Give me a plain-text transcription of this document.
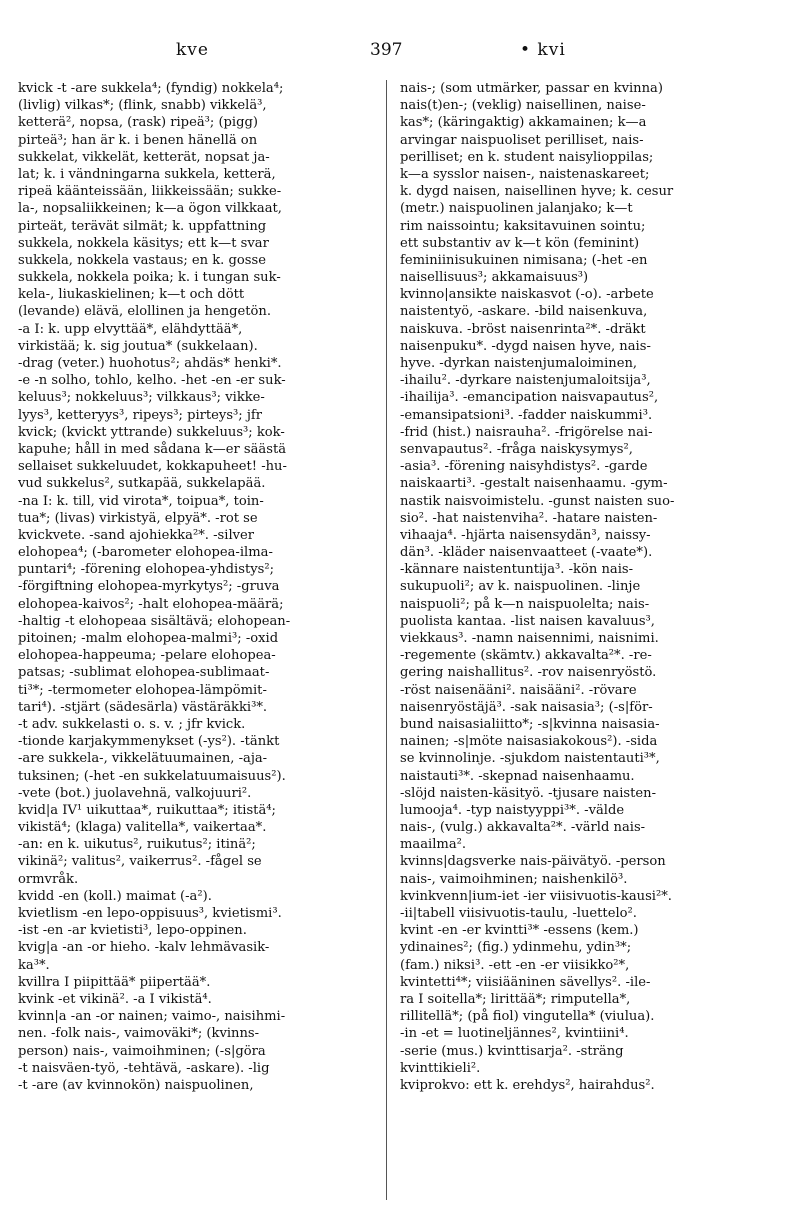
kve	397	• kvi
kvick -t -are sukkela⁴; (fyndig) nokkela⁴;
(livlig) vilkas*; (flink, snabb) vikkelä³,
ketterä², nopsa, (rask) ripeä³; (pigg)
pirteä³; han är k. i benen hänellä on
sukkelat, vikkelät, ketterät, nopsat ja-
lat; k. i vändningarna sukkela, ketterä,
ripeä käänteissään, liikkeissään; sukke-
la-, nopsaliikkeinen; k—a ögon vilkkaat,
pirteät, terävät silmät; k. uppfattning
sukkela, nokkela käsitys; ett k—t svar
sukkela, nokkela vastaus; en k. gosse
sukkela, nokkela poika; k. i tungan suk-
kela-, liukaskielinen; k—t och dött
(levande) elävä, elollinen ja hengetön.
-a I: k. upp elvyttää*, elähdyttää*,
virkistää; k. sig joutua* (sukkelaan).
-drag (veter.) huohotus²; ahdäs* henki*.
-e -n solho, tohlo, kelho. -het -en -er suk-
keluus³; nokkeluus³; vilkkaus³; vikke-
lyys³, ketteryys³, ripeys³; pirteys³; jfr
kvick; (kvickt yttrande) sukkeluus³; kok-
kapuhe; håll in med sådana k—er säästä
sellaiset sukkeluudet, kokkapuheet! -hu-
vud sukkelus², sutkapää, sukkelapää.
-na I: k. till, vid virota*, toipua*, toin-
tua*; (livas) virkistyä, elpyä*. -rot se
kvickvete. -sand ajohiekka²*. -silver
elohopea⁴; (-barometer elohopea-ilma-
puntari⁴; -förening elohopea-yhdistys²;
-förgiftning elohopea-myrkytys²; -gruva
elohopea-kaivos²; -halt elohopea-määrä;
-haltig -t elohopeaa sisältävä; elohopean-
pitoinen; -malm elohopea-malmi³; -oxid
elohopea-happeuma; -pelare elohopea-
patsas; -sublimat elohopea-sublimaat-
ti³*; -termometer elohopea-lämpömit-
tari⁴). -stjärt (sädesärla) västäräkki³*.
-t adv. sukkelasti o. s. v. ; jfr kvick.
-tionde karjakymmenykset (-ys²). -tänkt
-are sukkela-, vikkelätuumainen, -aja-
tuksinen; (-het -en sukkelatuumaisuus²).
-vete (bot.) juolavehnä, valkojuuri².
kvid|a IV¹ uikuttaa*, ruikuttaa*; itistä⁴;
vikistä⁴; (klaga) valitella*, vaikertaa*.
-an: en k. uikutus², ruikutus²; itinä²;
vikinä²; valitus², vaikerrus². -fågel se
ormvråk.
kvidd -en (koll.) maimat (-a²).
kvietlism -en lepo-oppisuus³, kvietismi³.
-ist -en -ar kvietisti³, lepo-oppinen.
kvig|a -an -or hieho. -kalv lehmävasik-
ka³*.
kvillra I piipittää* piipertää*.
kvink -et vikinä². -a I vikistä⁴.
kvinn|a -an -or nainen; vaimo-, naisihmi-
nen. -folk nais-, vaimoväki*; (kvinns-
person) nais-, vaimoihminen; (-s|göra
-t naisväen-työ, -tehtävä, -askare). -lig
-t -are (av kvinnokön) naispuolinen,
nais-; (som utmärker, passar en kvinna)
nais(t)en-; (veklig) naisellinen, naise-
kas*; (käringaktig) akkamainen; k—a
arvingar naispuoliset perilliset, nais-
perilliset; en k. student naisylioppilas;
k—a sysslor naisen-, naistenaskareet;
k. dygd naisen, naisellinen hyve; k. cesur
(metr.) naispuolinen jalanjako; k—t
rim naissointu; kaksitavuinen sointu;
ett substantiv av k—t kön (feminint)
feminiinisukuinen nimisana; (-het -en
naisellisuus³; akkamaisuus³)
kvinno|ansikte naiskasvot (-o). -arbete
naistentyö, -askare. -bild naisenkuva,
naiskuva. -bröst naisenrinta²*. -dräkt
naisenpuku*. -dygd naisen hyve, nais-
hyve. -dyrkan naistenjumaloiminen,
-ihailu². -dyrkare naistenjumaloitsija³,
-ihailija³. -emancipation naisvapautus²,
-emansipatsioni³. -fadder naiskummi³.
-frid (hist.) naisrauha². -frigörelse nai-
senvapautus². -fråga naiskysymys²,
-asia³. -förening naisyhdistys². -garde
naiskaarti³. -gestalt naisenhaamu. -gym-
nastik naisvoimistelu. -gunst naisten suo-
sio². -hat naistenviha². -hatare naisten-
vihaaja⁴. -hjärta naisensydän³, naissy-
dän³. -kläder naisenvaatteet (-vaate*).
-kännare naistentuntija³. -kön nais-
sukupuoli²; av k. naispuolinen. -linje
naispuoli²; på k—n naispuolelta; nais-
puolista kantaa. -list naisen kavaluus³,
viekkaus³. -namn naisennimi, naisnimi.
-regemente (skämtv.) akkavalta²*. -re-
gering naishallitus². -rov naisenryöstö.
-röst naisenääni². naisääni². -rövare
naisenryöstäjä³. -sak naisasia³; (-s|för-
bund naisasialiitto*; -s|kvinna naisasia-
nainen; -s|möte naisasiakokous²). -sida
se kvinnolinje. -sjukdom naistentauti³*,
naistauti³*. -skepnad naisenhaamu.
-slöjd naisten-käsityö. -tjusare naisten-
lumooja⁴. -typ naistyyppi³*. -välde
nais-, (vulg.) akkavalta²*. -värld nais-
maailma².
kvinns|dagsverke nais-päivätyö. -person
nais-, vaimoihminen; naishenkilö³.
kvinkvenn|ium-iet -ier viisivuotis-kausi²*.
-ii|tabell viisivuotis-taulu, -luettelo².
kvint -en -er kvintti³* -essens (kem.)
ydinaines²; (fig.) ydinmehu, ydin³*;
(fam.) niksi³. -ett -en -er viisikko²*,
kvintetti⁴*; viisiääninen sävellys². -ile-
ra I soitella*; lirittää*; rimputella*,
rillitellä*; (på fiol) vingutella* (viulua).
-in -et = luotineljännes², kvintiini⁴.
-serie (mus.) kvinttisarja². -sträng
kvinttikieli².
kviprokvo: ett k. erehdys², hairahdus².
